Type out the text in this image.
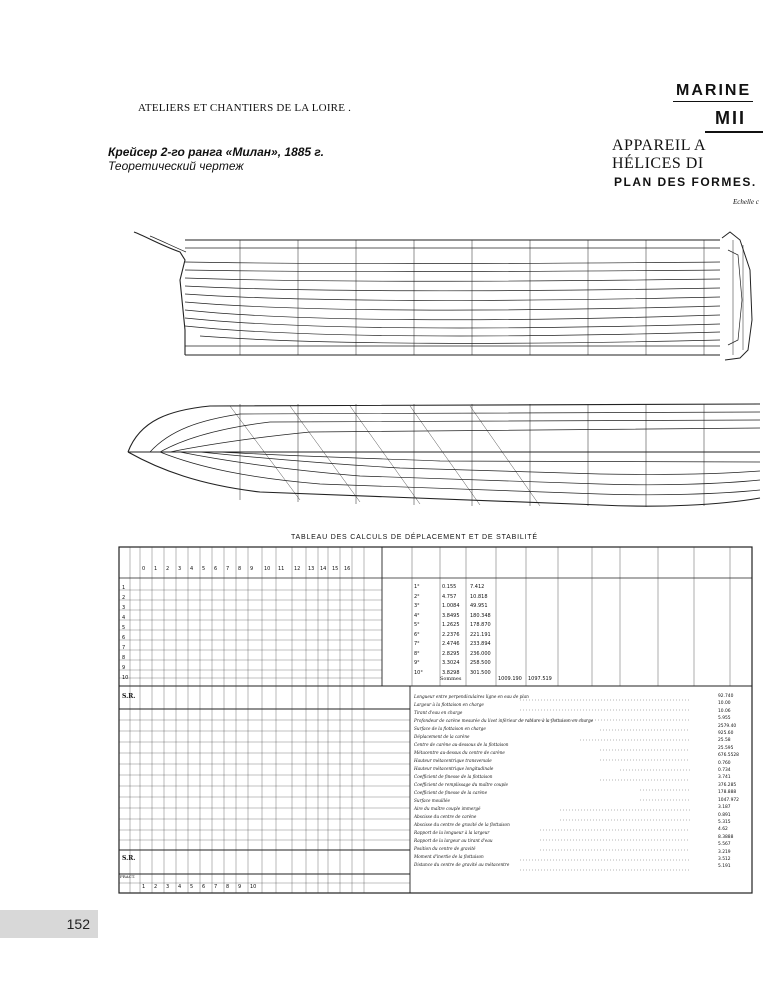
ATELIERS ET CHANTIERS DE LA LOIRE .
Крейсер 2-го ранга «Милан», 1885 г.
Теоретический чертеж
MARINE
MII
APPAREIL A HÉLICES DI
PLAN DES FORMES.
Echelle c
TABLEAU DES CALCULS DE DÉPLACEMENT ET DE STABILITÉ
0 1 2 3 4 5 6 7 8 9 10 11 12 13 14 15 16
1
2
3
4
5
6
7
8
9
10
S.R.
S.R.
FRACT.
1 2 3 4 5 6 7 8 9 10
1°
2°
3°
4°
5°
6°
7°
8°
9°
10°
0.155
4.757
1.0084
3.8495
1.2625
2.2376
2.4746
2.8295
3.3024
3.8298
7.412
10.818
49.951
180.348
178.870
221.191
233.894
236.000
258.500
301.500
Sommes	1009.190 1097.519
Longueur entre perpendiculaires ligne en eau de plan
Largeur à la flottaison en charge
Tirant d'eau en charge
Profondeur de carène mesurée du livet inférieur de rablure à la flottaison en charge
Surface de la flottaison en charge
Déplacement de la carène
Centre de carène au-dessous de la flottaison
Métacentre au-dessus du centre de carène
Hauteur métacentrique transversale
Hauteur métacentrique longitudinale
Coefficient de finesse de la flottaison
Coefficient de remplissage du maître couple
Coefficient de finesse de la carène
Surface mouillée
Aire du maître couple immergé
Abscisse du centre de carène
Abscisse du centre de gravité de la flottaison
Rapport de la longueur à la largeur
Rapport de la largeur au tirant d'eau
Position du centre de gravité
Moment d'inertie de la flottaison
Distance du centre de gravité au métacentre
92.740
10.00
10.06
5.955
2579.40
925.60
25.58
25.595
676.5528
0.760
0.734
3.741
376.285
178.888
1047.972
3.187
0.891
5.315
4.62
8.3888
5.567
3.219
3.512
5.191
152
